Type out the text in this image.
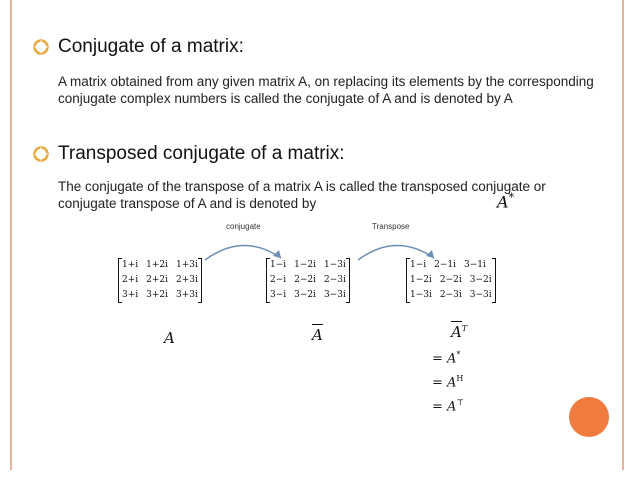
Conjugate of a matrix:
A matrix obtained from any given matrix A, on replacing its elements by the corresponding conjugate complex numbers is called the conjugate of A and is denoted by A
Transposed conjugate of a matrix:
The conjugate of the transpose of a matrix A is called the transposed conjugate or conjugate transpose of A and is denoted by	A*
conjugate	Transpose
1+i 1+2i 1+3i
2+i 2+2i 2+3i
3+i 3+2i 3+3i
1−i 1−2i 1−3i
2−i 2−2i 2−3i
3−i 3−2i 3−3i
1−i 2−1i 3−1i
1−2i 2−2i 3−2i
1−3i 2−3i 3−3i
A	A	$A^T$
= A*
= $A^H$
= A⊤
